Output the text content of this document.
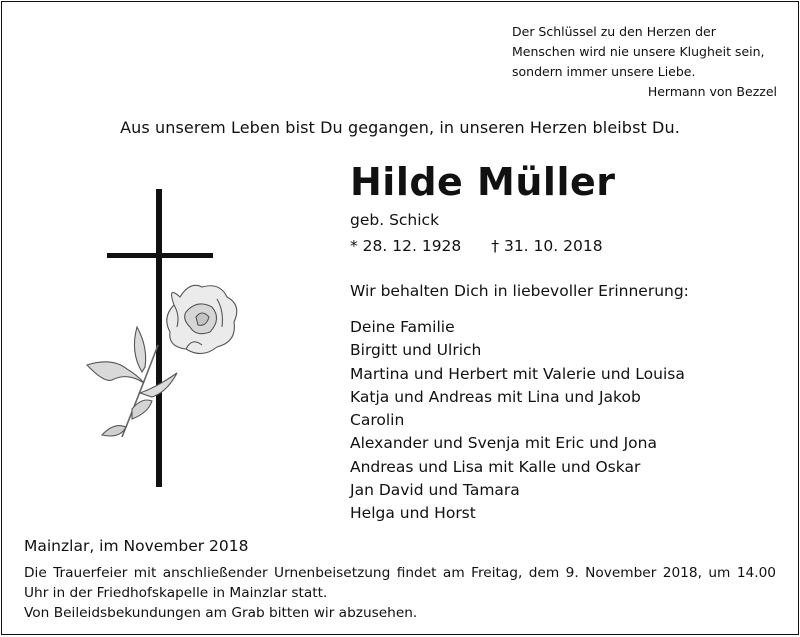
Der Schlüssel zu den Herzen der
Menschen wird nie unsere Klugheit sein,
sondern immer unsere Liebe.
Hermann von Bezzel
Aus unserem Leben bist Du gegangen, in unseren Herzen bleibst Du.
Hilde Müller
geb. Schick
* 28. 12. 1928 † 31. 10. 2018
Wir behalten Dich in liebevoller Erinnerung:
Deine Familie
Birgitt und Ulrich
Martina und Herbert mit Valerie und Louisa
Katja und Andreas mit Lina und Jakob
Carolin
Alexander und Svenja mit Eric und Jona
Andreas und Lisa mit Kalle und Oskar
Jan David und Tamara
Helga und Horst
Mainzlar, im November 2018
Die Trauerfeier mit anschließender Urnenbeisetzung findet am Freitag, dem 9. November 2018, um 14.00 Uhr in der Friedhofskapelle in Mainzlar statt.
Von Beileidsbekundungen am Grab bitten wir abzusehen.
